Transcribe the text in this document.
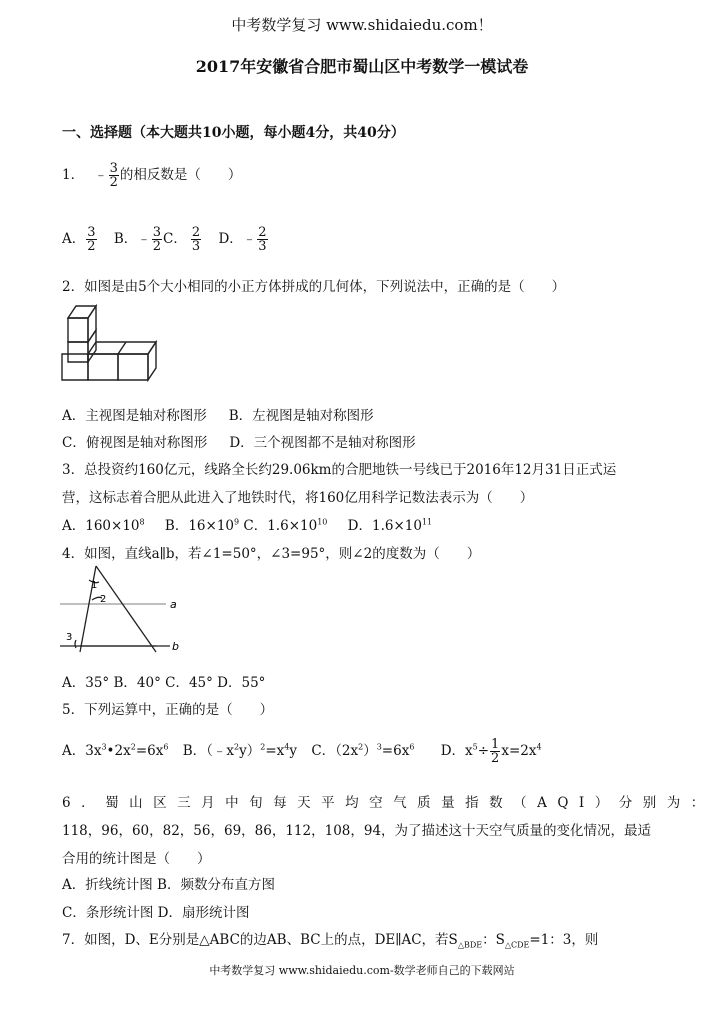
中考数学复习 www.shidaiedu.com！
2017年安徽省合肥市蜀山区中考数学一模试卷
一、选择题（本大题共10小题，每小题4分，共40分）
1． ﹣ $\frac{3}{2}$ 的相反数是（　　）
A． $\frac{3}{2}$ B．﹣ $\frac{3}{2}$ C． $\frac{2}{3}$ D．﹣ $\frac{2}{3}$
2．如图是由5个大小相同的小正方体拼成的几何体，下列说法中，正确的是（　　）
A．主视图是轴对称图形 B．左视图是轴对称图形
C．俯视图是轴对称图形 D．三个视图都不是轴对称图形
3．总投资约160亿元，线路全长约29.06km的合肥地铁一号线已于2016年12月31日正式运
营，这标志着合肥从此进入了地铁时代，将160亿用科学记数法表示为（　　）
A．$160\times 10^8$ B．$16\times 10^9$ C．$1.6\times 10^{10}$ D．$1.6\times 10^{11}$
4．如图，直线a∥b，若∠1=50°，∠3=95°，则∠2的度数为（　　）
1
2
3
a
b
A．35° B．40° C．45° D．55°
5．下列运算中，正确的是（　　）
A．$3x^3•2x^2=6x^6$ B．$(﹣x^2y)^2=x^4y$ C．$(2x^2)^3=6x^6$ D．$x^5\div \frac{1}{2} x=2x^4$
6．蜀山区三月中旬每天平均空气质量指数（AQI）分别为：
118，96，60，82，56，69，86，112，108，94，为了描述这十天空气质量的变化情况，最适
合用的统计图是（　　）
A．折线统计图 B．频数分布直方图
C．条形统计图 D．扇形统计图
7．如图，D、E分别是△ABC的边AB、BC上的点，DE∥AC，若$S_{\triangle BDE}$：$S_{\triangle CDE}=1$：3，则
中考数学复习 www.shidaiedu.com-数学老师自己的下载网站
